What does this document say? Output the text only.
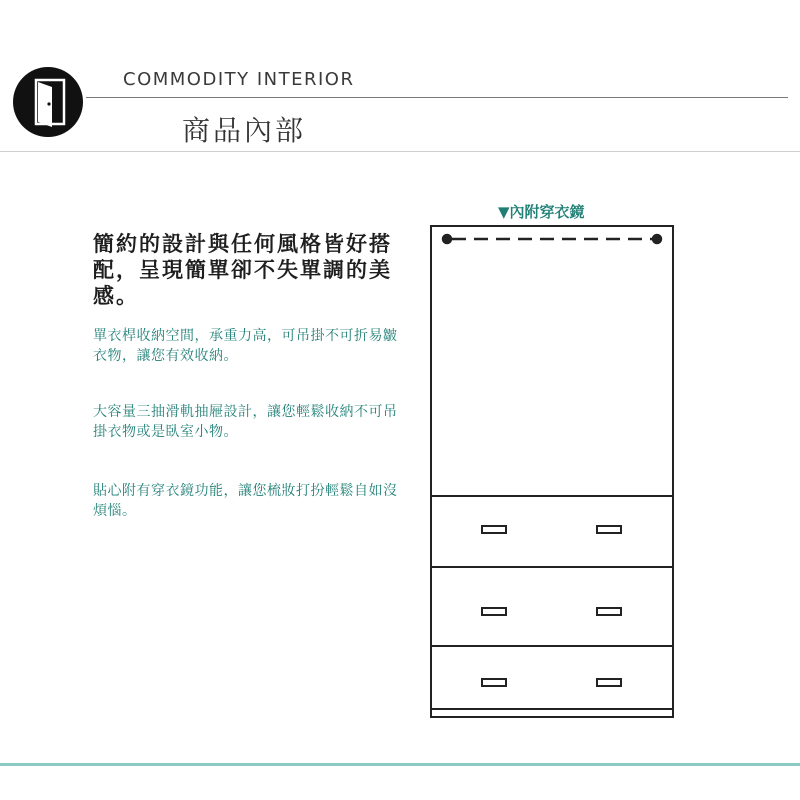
COMMODITY INTERIOR
商品內部

簡約的設計與任何風格皆好搭配，呈現簡單卻不失單調的美感。

單衣桿收納空間，承重力高，可吊掛不可折易皺衣物，讓您有效收納。

大容量三抽滑軌抽屜設計，讓您輕鬆收納不可吊掛衣物或是臥室小物。

貼心附有穿衣鏡功能，讓您梳妝打扮輕鬆自如沒煩惱。

▼內附穿衣鏡
